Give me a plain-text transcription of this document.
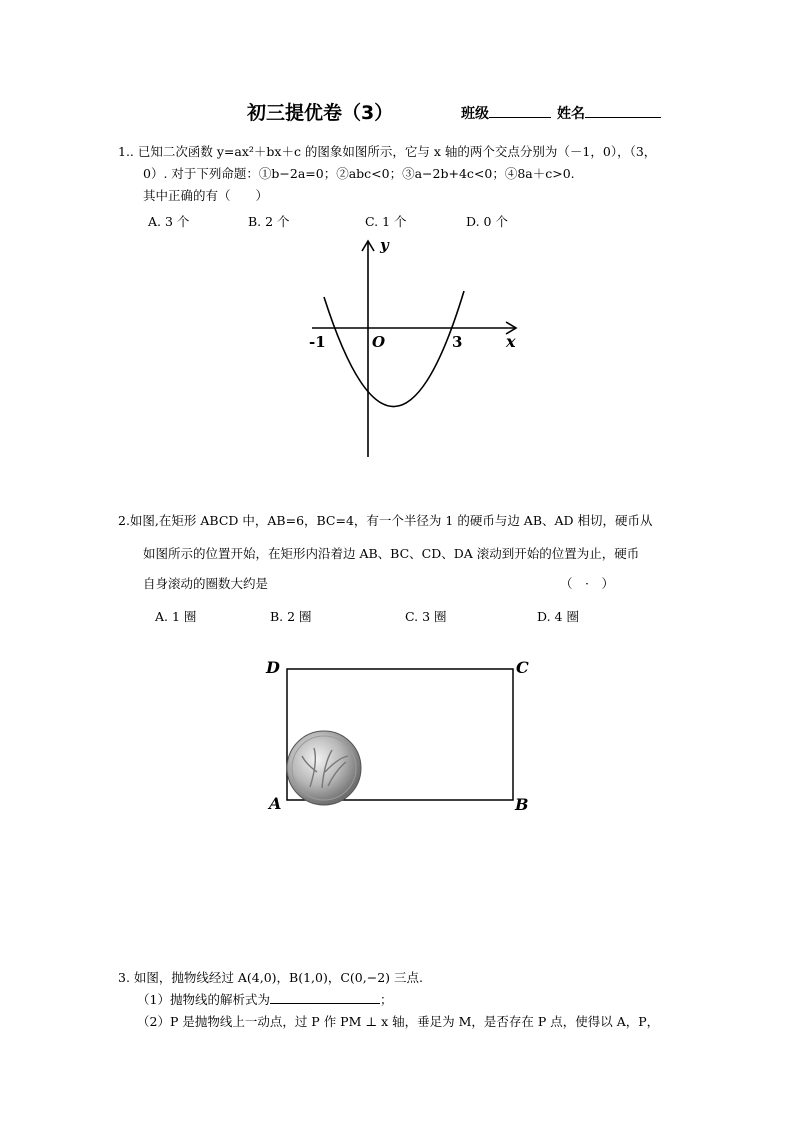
初三提优卷（3）	班级	姓名
1.. 已知二次函数 y=ax²＋bx＋c 的图象如图所示，它与 x 轴的两个交点分别为（－1，0），（3，
0）. 对于下列命题：①b−2a=0；②abc<0；③a−2b+4c<0；④8a＋c>0.
其中正确的有（　　）
A. 3 个	B. 2 个	C. 1 个	D. 0 个
y
x
O
-1	3
2.如图,在矩形 ABCD 中，AB=6，BC=4，有一个半径为 1 的硬币与边 AB、AD 相切，硬币从
如图所示的位置开始，在矩形内沿着边 AB、BC、CD、DA 滚动到开始的位置为止，硬币
自身滚动的圈数大约是	（　·　）
A. 1 圈	B. 2 圈	C. 3 圈	D. 4 圈
D	C
A	B
3. 如图，抛物线经过 A(4,0)，B(1,0)，C(0,−2) 三点.
（1）抛物线的解析式为	；
（2）P 是抛物线上一动点，过 P 作 PM ⊥ x 轴，垂足为 M，是否存在 P 点，使得以 A，P，
